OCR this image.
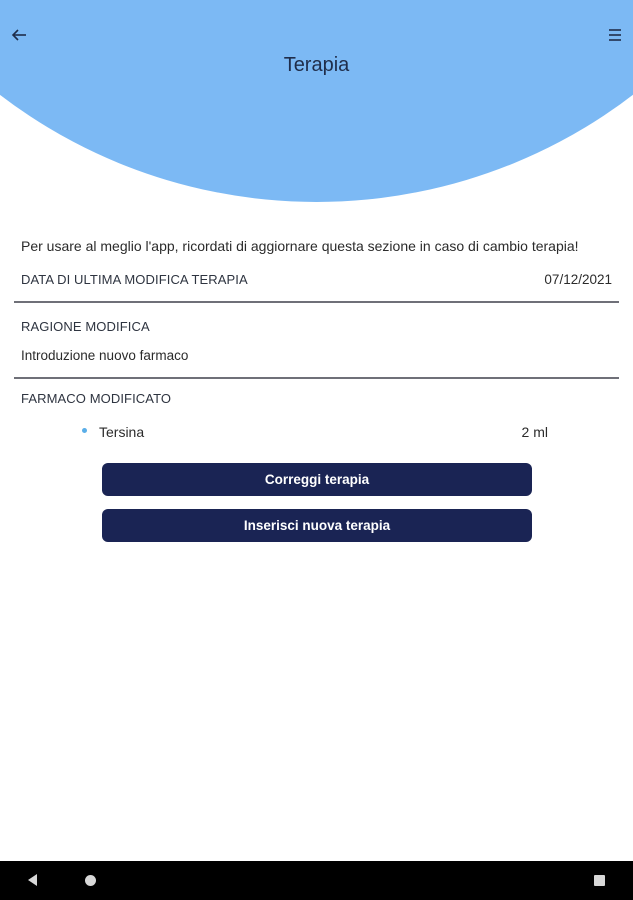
Terapia
Per usare al meglio l'app, ricordati di aggiornare questa sezione in caso di cambio terapia!
DATA DI ULTIMA MODIFICA TERAPIA	07/12/2021
RAGIONE MODIFICA
Introduzione nuovo farmaco
FARMACO MODIFICATO
Tersina	2 ml
Correggi terapia
Inserisci nuova terapia
